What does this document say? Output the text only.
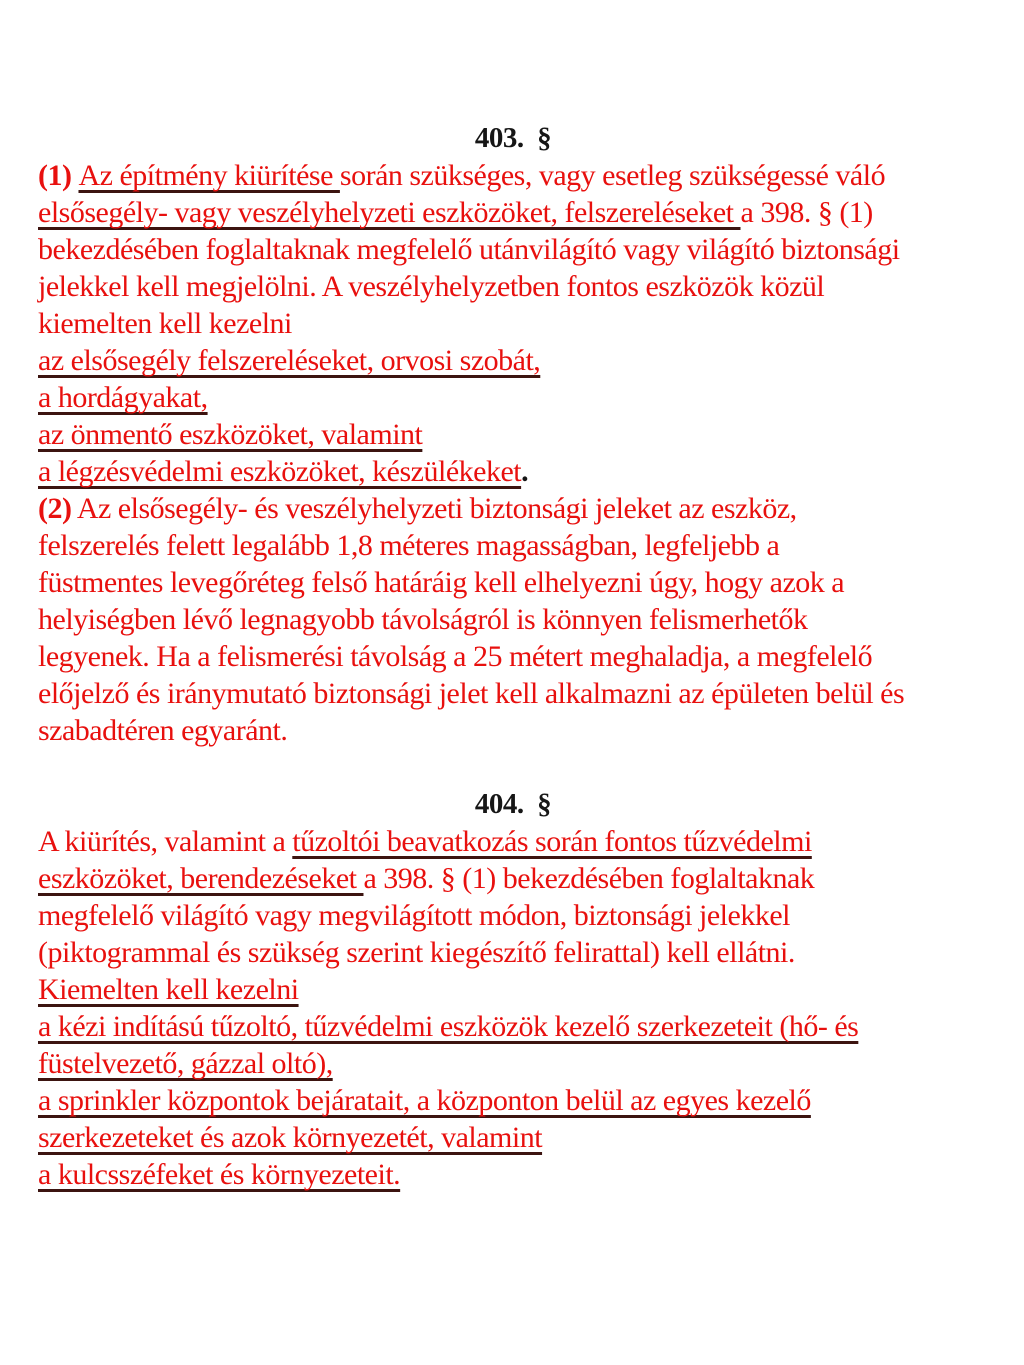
403.  §
(1) Az építmény kiürítése során szükséges, vagy esetleg szükségessé váló
elsősegély- vagy veszélyhelyzeti eszközöket, felszereléseket a 398. § (1)
bekezdésében foglaltaknak megfelelő utánvilágító vagy világító biztonsági
jelekkel kell megjelölni. A veszélyhelyzetben fontos eszközök közül
kiemelten kell kezelni
az elsősegély felszereléseket, orvosi szobát,
a hordágyakat,
az önmentő eszközöket, valamint
a légzésvédelmi eszközöket, készülékeket.
(2) Az elsősegély- és veszélyhelyzeti biztonsági jeleket az eszköz,
felszerelés felett legalább 1,8 méteres magasságban, legfeljebb a
füstmentes levegőréteg felső határáig kell elhelyezni úgy, hogy azok a
helyiségben lévő legnagyobb távolságról is könnyen felismerhetők
legyenek. Ha a felismerési távolság a 25 métert meghaladja, a megfelelő
előjelző és iránymutató biztonsági jelet kell alkalmazni az épületen belül és
szabadtéren egyaránt.
404.  §
A kiürítés, valamint a tűzoltói beavatkozás során fontos tűzvédelmi
eszközöket, berendezéseket a 398. § (1) bekezdésében foglaltaknak
megfelelő világító vagy megvilágított módon, biztonsági jelekkel
(piktogrammal és szükség szerint kiegészítő felirattal) kell ellátni.
Kiemelten kell kezelni
a kézi indítású tűzoltó, tűzvédelmi eszközök kezelő szerkezeteit (hő- és
füstelvezető, gázzal oltó),
a sprinkler központok bejáratait, a központon belül az egyes kezelő
szerkezeteket és azok környezetét, valamint
a kulcsszéfeket és környezeteit.
